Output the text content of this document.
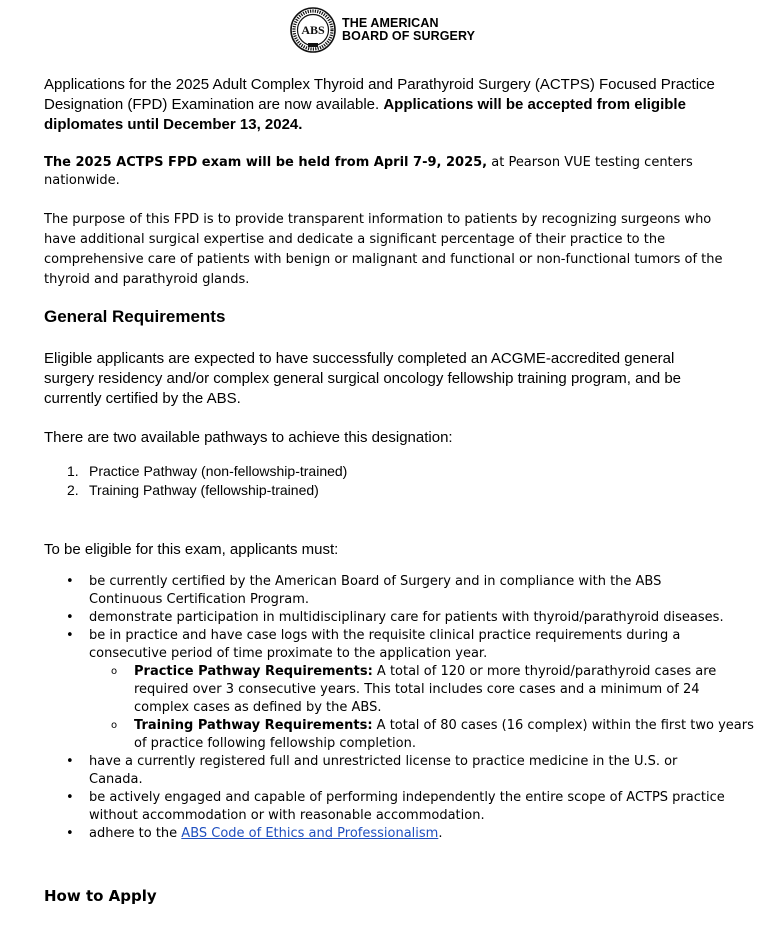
ABS THE AMERICAN
BOARD OF SURGERY

Applications for the 2025 Adult Complex Thyroid and Parathyroid Surgery (ACTPS) Focused Practice Designation (FPD) Examination are now available. Applications will be accepted from eligible diplomates until December 13, 2024.

The 2025 ACTPS FPD exam will be held from April 7-9, 2025, at Pearson VUE testing centers nationwide.

The purpose of this FPD is to provide transparent information to patients by recognizing surgeons who have additional surgical expertise and dedicate a significant percentage of their practice to the comprehensive care of patients with benign or malignant and functional or non-functional tumors of the thyroid and parathyroid glands.

General Requirements

Eligible applicants are expected to have successfully completed an ACGME-accredited general surgery residency and/or complex general surgical oncology fellowship training program, and be currently certified by the ABS.

There are two available pathways to achieve this designation:

1. Practice Pathway (non-fellowship-trained)
2. Training Pathway (fellowship-trained)

To be eligible for this exam, applicants must:

• be currently certified by the American Board of Surgery and in compliance with the ABS Continuous Certification Program.
• demonstrate participation in multidisciplinary care for patients with thyroid/parathyroid diseases.
• be in practice and have case logs with the requisite clinical practice requirements during a consecutive period of time proximate to the application year.
o Practice Pathway Requirements: A total of 120 or more thyroid/parathyroid cases are required over 3 consecutive years. This total includes core cases and a minimum of 24 complex cases as defined by the ABS.
o Training Pathway Requirements: A total of 80 cases (16 complex) within the first two years of practice following fellowship completion.
• have a currently registered full and unrestricted license to practice medicine in the U.S. or Canada.
• be actively engaged and capable of performing independently the entire scope of ACTPS practice without accommodation or with reasonable accommodation.
• adhere to the ABS Code of Ethics and Professionalism.
How to Apply
